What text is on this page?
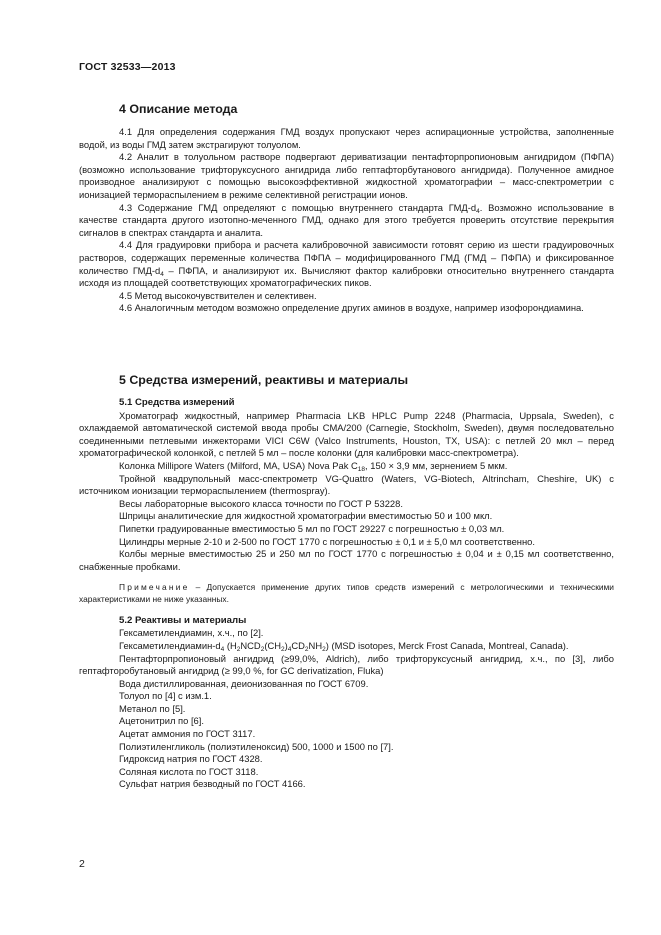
ГОСТ 32533—2013
4 Описание метода

4.1 Для определения содержания ГМД воздух пропускают через аспирационные устройства, заполненные водой, из воды ГМД затем экстрагируют толуолом.

4.2 Аналит в толуольном растворе подвергают дериватизации пентафторпропионовым ангидридом (ПФПА) (возможно использование трифторуксусного ангидрида либо гептафторбутанового ангидрида). Полученное амидное производное анализируют с помощью высокоэффективной жидкостной хроматографии – масс-спектрометрии с ионизацией термораспылением в режиме селективной регистрации ионов.

4.3 Содержание ГМД определяют с помощью внутреннего стандарта ГМД-$d_4$. Возможно использование в качестве стандарта другого изотопно-меченного ГМД, однако для этого требуется проверить отсутствие перекрытия сигналов в спектрах стандарта и аналита.

4.4 Для градуировки прибора и расчета калибровочной зависимости готовят серию из шести градуировочных растворов, содержащих переменные количества ПФПА – модифицированного ГМД (ГМД – ПФПА) и фиксированное количество ГМД-$d_4$ – ПФПА, и анализируют их. Вычисляют фактор калибровки относительно внутреннего стандарта исходя из площадей соответствующих хроматографических пиков.

4.5 Метод высокочувствителен и селективен.

4.6 Аналогичным методом возможно определение других аминов в воздухе, например изофорондиамина.

5 Средства измерений, реактивы и материалы
5.1 Средства измерений

Хроматограф жидкостный, например Pharmacia LKB HPLC Pump 2248 (Pharmacia, Uppsala, Sweden), с охлаждаемой автоматической системой ввода пробы CMA/200 (Carnegie, Stockholm, Sweden), двумя последовательно соединенными петлевыми инжекторами VICI C6W (Valco Instruments, Houston, TX, USA): с петлей 20 мкл – перед хроматографической колонкой, с петлей 5 мл – после колонки (для калибровки масс-спектрометра).

Колонка Millipore Waters (Milford, MA, USA) Nova Pak $C_{18}$, 150 × 3,9 мм, зернением 5 мкм.

Тройной квадрупольный масс-спектрометр VG-Quattro (Waters, VG-Biotech, Altrincham, Cheshire, UK) с источником ионизации термораспылением (thermospray).

Весы лабораторные высокого класса точности по ГОСТ Р 53228.

Шприцы аналитические для жидкостной хроматографии вместимостью 50 и 100 мкл.

Пипетки градуированные вместимостью 5 мл по ГОСТ 29227 с погрешностью ± 0,03 мл.

Цилиндры мерные 2-10 и 2-500 по ГОСТ 1770 с погрешностью ± 0,1 и ± 5,0 мл соответственно.

Колбы мерные вместимостью 25 и 250 мл по ГОСТ 1770 с погрешностью ± 0,04 и ± 0,15 мл соответственно, снабженные пробками.

Примечание – Допускается применение других типов средств измерений с метрологическими и техническими характеристиками не ниже указанных.

5.2 Реактивы и материалы

Гексаметилендиамин, х.ч., по [2].

Гексаметилендиамин-$d_4$ $(H_2NCD_2(CH_2)_4CD_2NH_2)$ (MSD isotopes, Merck Frost Canada, Montreal, Canada).

Пентафторпропионовый ангидрид (≥99,0%, Aldrich), либо трифторуксусный ангидрид, х.ч., по [3], либо гептафторобутановый ангидрид (≥ 99,0 %, for GC derivatization, Fluka)

Вода дистиллированная, деионизованная по ГОСТ 6709.

Толуол по [4] с изм.1.

Метанол по [5].

Ацетонитрил по [6].

Ацетат аммония по ГОСТ 3117.

Полиэтиленгликоль (полиэтиленоксид) 500, 1000 и 1500 по [7].

Гидроксид натрия по ГОСТ 4328.

Соляная кислота по ГОСТ 3118.

Сульфат натрия безводный по ГОСТ 4166.

2
